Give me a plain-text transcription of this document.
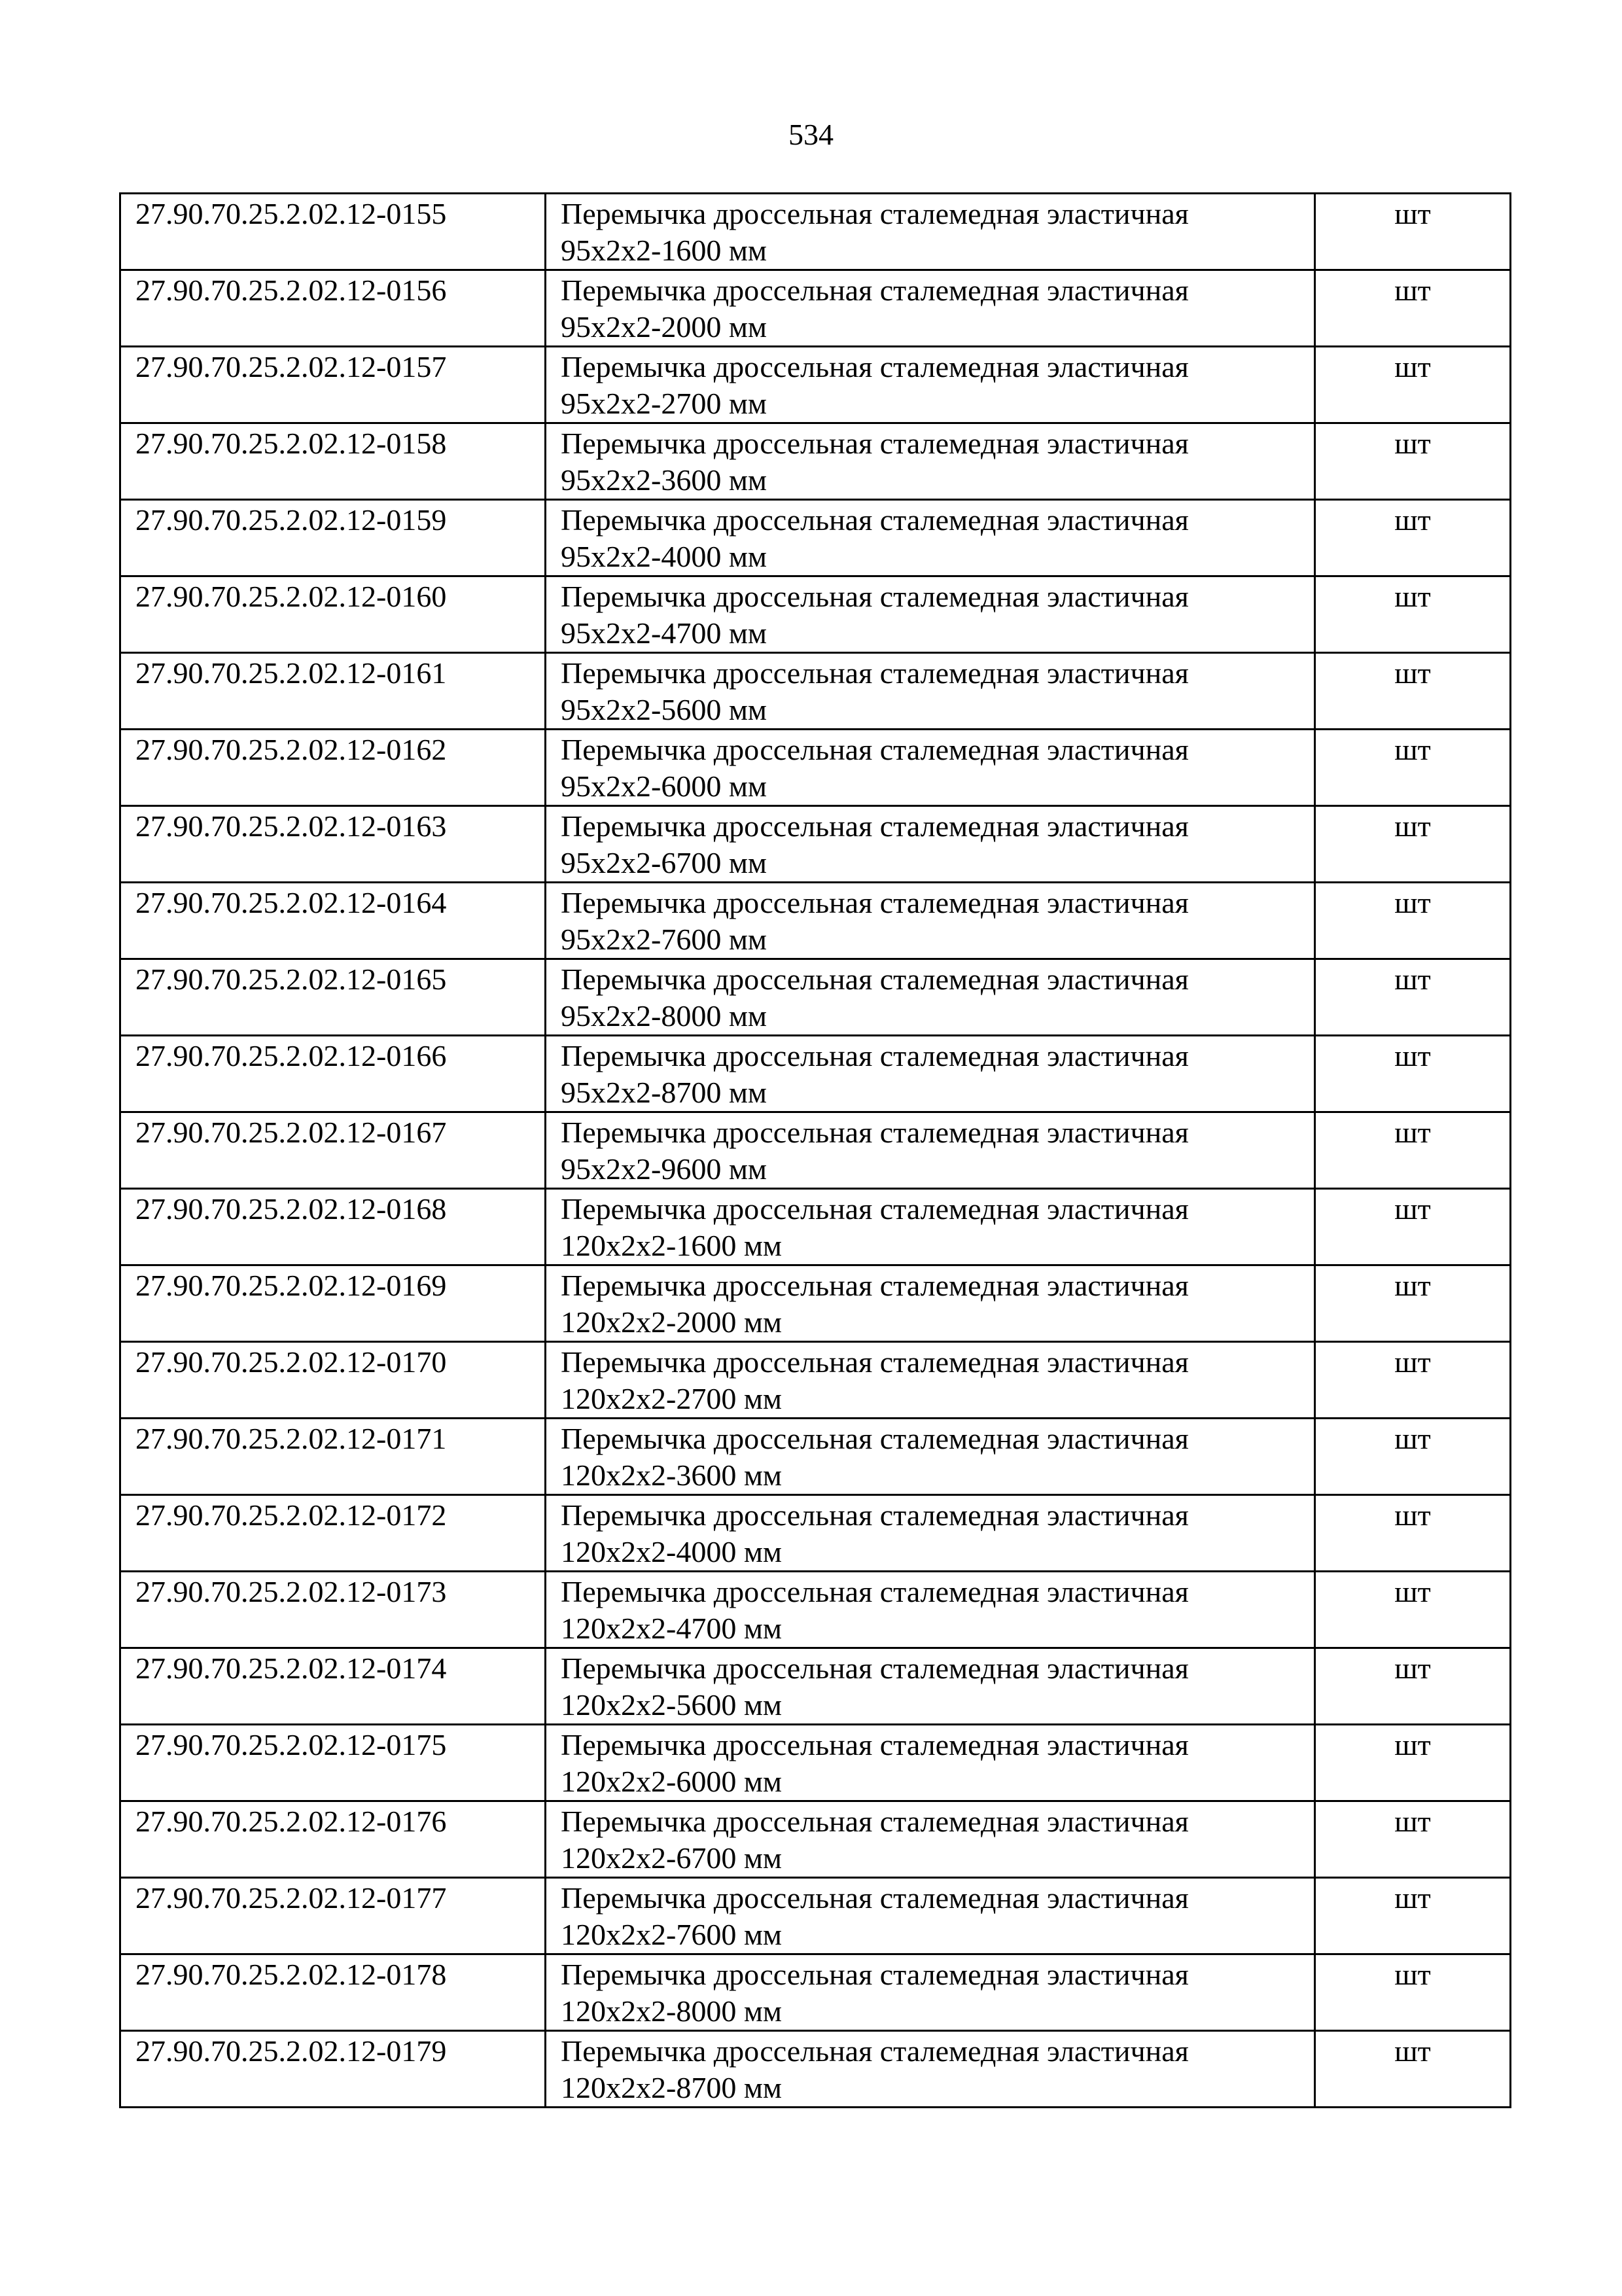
534
27.90.70.25.2.02.12-0155	Перемычка дроссельная сталемедная эластичная
95х2х2-1600 мм	шт
27.90.70.25.2.02.12-0156	Перемычка дроссельная сталемедная эластичная
95х2х2-2000 мм	шт
27.90.70.25.2.02.12-0157	Перемычка дроссельная сталемедная эластичная
95х2х2-2700 мм	шт
27.90.70.25.2.02.12-0158	Перемычка дроссельная сталемедная эластичная
95х2х2-3600 мм	шт
27.90.70.25.2.02.12-0159	Перемычка дроссельная сталемедная эластичная
95х2х2-4000 мм	шт
27.90.70.25.2.02.12-0160	Перемычка дроссельная сталемедная эластичная
95х2х2-4700 мм	шт
27.90.70.25.2.02.12-0161	Перемычка дроссельная сталемедная эластичная
95х2х2-5600 мм	шт
27.90.70.25.2.02.12-0162	Перемычка дроссельная сталемедная эластичная
95х2х2-6000 мм	шт
27.90.70.25.2.02.12-0163	Перемычка дроссельная сталемедная эластичная
95х2х2-6700 мм	шт
27.90.70.25.2.02.12-0164	Перемычка дроссельная сталемедная эластичная
95х2х2-7600 мм	шт
27.90.70.25.2.02.12-0165	Перемычка дроссельная сталемедная эластичная
95х2х2-8000 мм	шт
27.90.70.25.2.02.12-0166	Перемычка дроссельная сталемедная эластичная
95х2х2-8700 мм	шт
27.90.70.25.2.02.12-0167	Перемычка дроссельная сталемедная эластичная
95х2х2-9600 мм	шт
27.90.70.25.2.02.12-0168	Перемычка дроссельная сталемедная эластичная
120х2х2-1600 мм	шт
27.90.70.25.2.02.12-0169	Перемычка дроссельная сталемедная эластичная
120х2х2-2000 мм	шт
27.90.70.25.2.02.12-0170	Перемычка дроссельная сталемедная эластичная
120х2х2-2700 мм	шт
27.90.70.25.2.02.12-0171	Перемычка дроссельная сталемедная эластичная
120х2х2-3600 мм	шт
27.90.70.25.2.02.12-0172	Перемычка дроссельная сталемедная эластичная
120х2х2-4000 мм	шт
27.90.70.25.2.02.12-0173	Перемычка дроссельная сталемедная эластичная
120х2х2-4700 мм	шт
27.90.70.25.2.02.12-0174	Перемычка дроссельная сталемедная эластичная
120х2х2-5600 мм	шт
27.90.70.25.2.02.12-0175	Перемычка дроссельная сталемедная эластичная
120х2х2-6000 мм	шт
27.90.70.25.2.02.12-0176	Перемычка дроссельная сталемедная эластичная
120х2х2-6700 мм	шт
27.90.70.25.2.02.12-0177	Перемычка дроссельная сталемедная эластичная
120х2х2-7600 мм	шт
27.90.70.25.2.02.12-0178	Перемычка дроссельная сталемедная эластичная
120х2х2-8000 мм	шт
27.90.70.25.2.02.12-0179	Перемычка дроссельная сталемедная эластичная
120х2х2-8700 мм	шт
